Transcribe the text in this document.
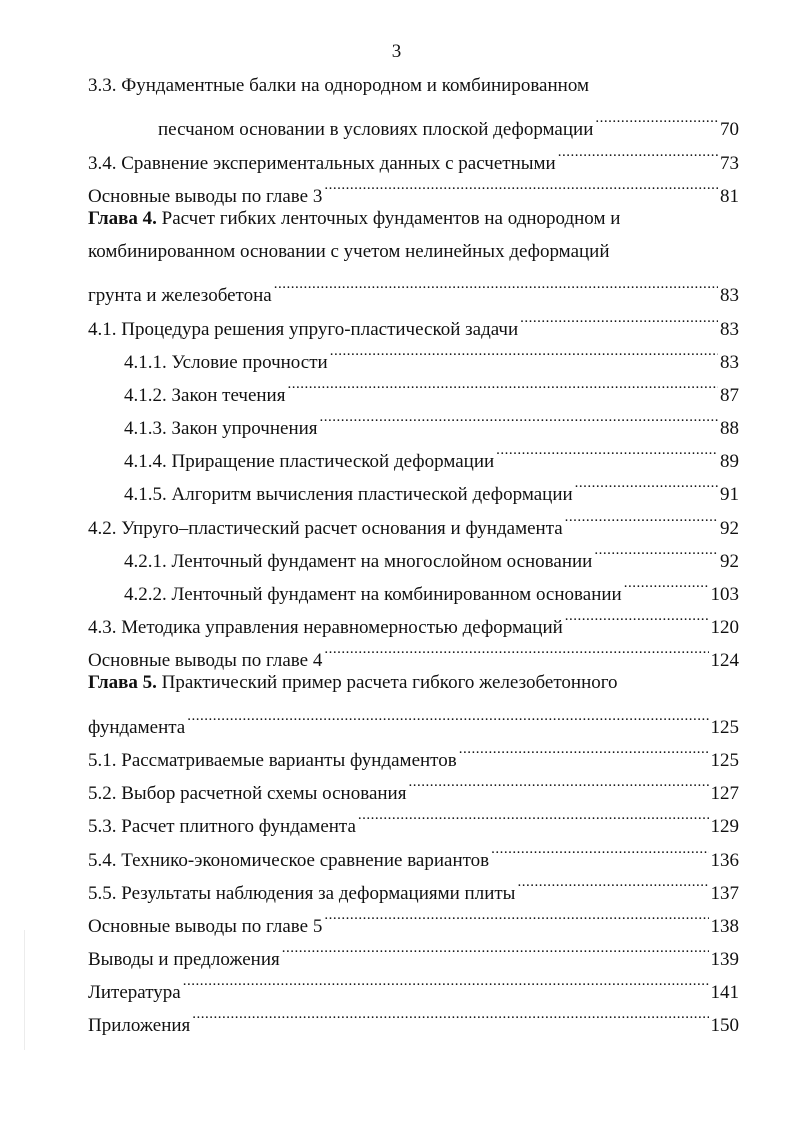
3
3.3. Фундаментные балки на однородном и комбинированном
песчаном основании в условиях плоской деформации .....	70
3.4. Сравнение экспериментальных данных с расчетными .....	73
Основные выводы по главе 3 .....	81
Глава 4. Расчет гибких ленточных фундаментов на однородном и
комбинированном основании с учетом нелинейных деформаций
грунта и железобетона .....	83
4.1. Процедура решения упруго-пластической задачи .....	83
4.1.1. Условие прочности .....	83
4.1.2. Закон течения .....	87
4.1.3. Закон упрочнения .....	88
4.1.4. Приращение пластической деформации .....	89
4.1.5. Алгоритм вычисления пластической деформации .....	91
4.2. Упруго–пластический расчет основания и фундамента .....	92
4.2.1. Ленточный фундамент на многослойном основании .....	92
4.2.2. Ленточный фундамент на комбинированном основании .....	103
4.3. Методика управления неравномерностью деформаций .....	120
Основные выводы по главе 4 .....	124
Глава 5. Практический пример расчета гибкого железобетонного
фундамента .....	125
5.1. Рассматриваемые варианты фундаментов .....	125
5.2. Выбор расчетной схемы основания .....	127
5.3. Расчет плитного фундамента .....	129
5.4. Технико-экономическое сравнение вариантов .....	136
5.5. Результаты наблюдения за деформациями плиты .....	137
Основные выводы по главе 5 .....	138
Выводы и предложения .....	139
Литература .....	141
Приложения .....	150
